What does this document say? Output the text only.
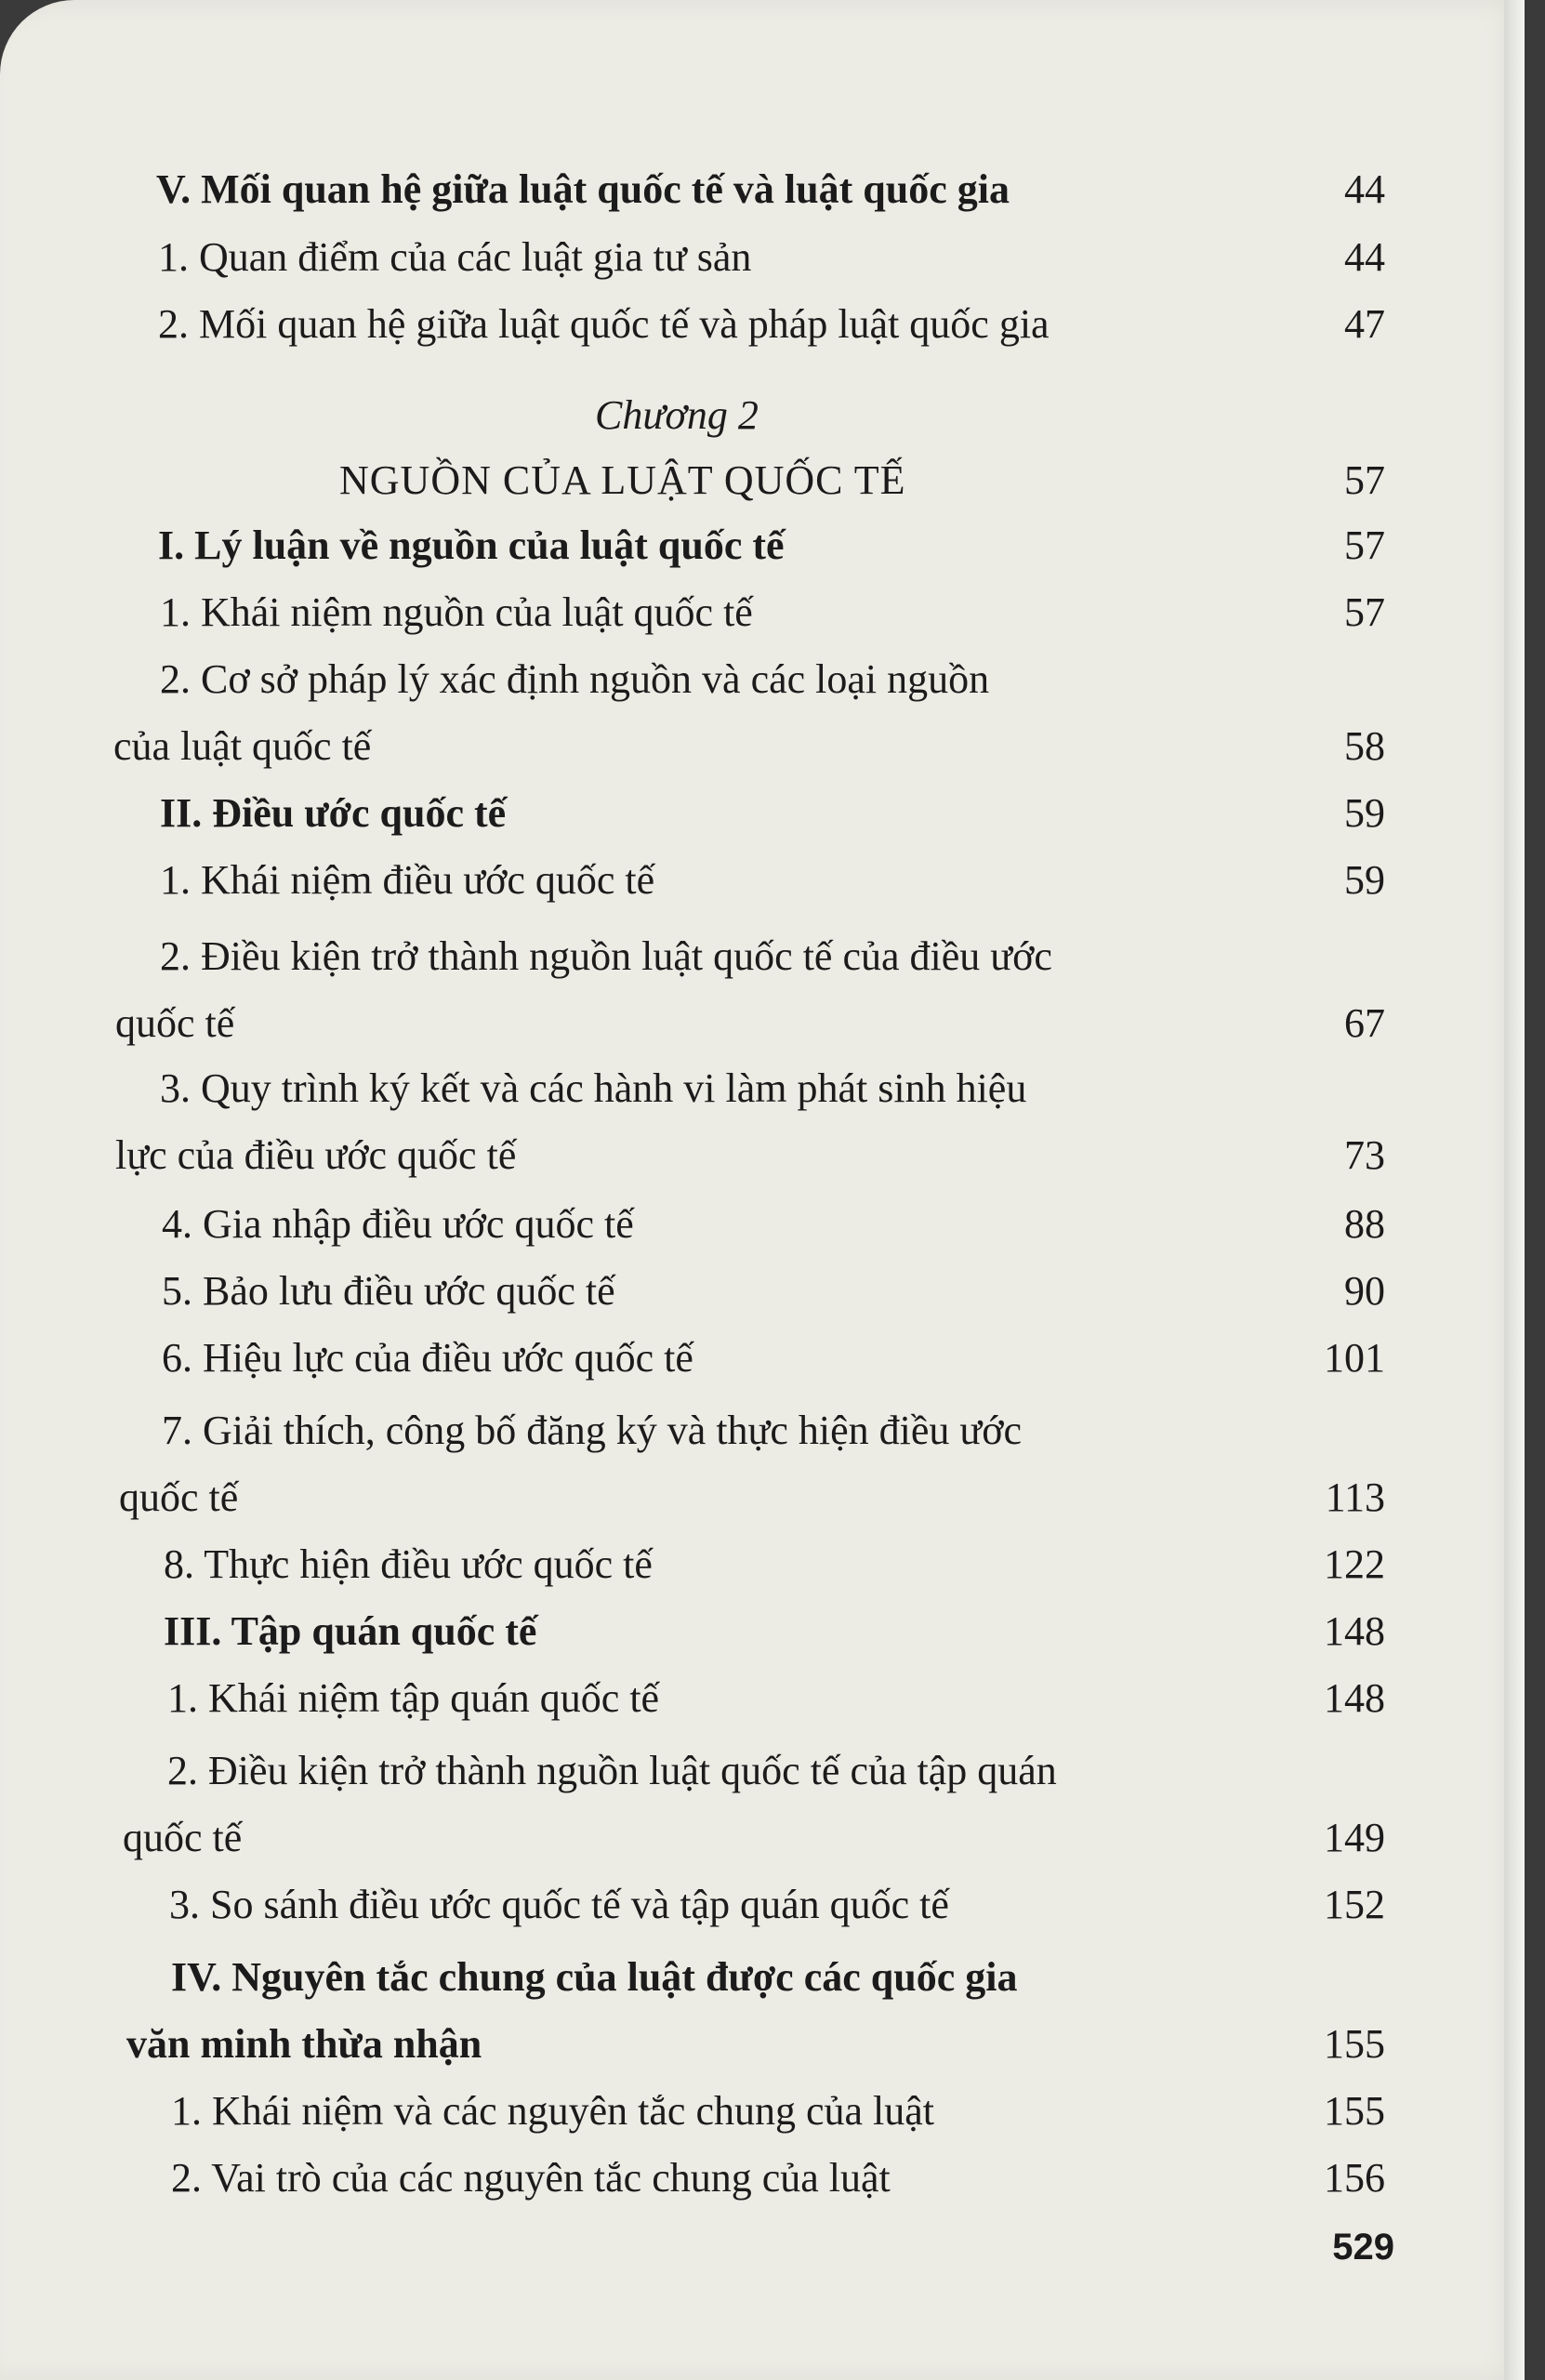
V. Mối quan hệ giữa luật quốc tế và luật quốc gia	44
1. Quan điểm của các luật gia tư sản	44
2. Mối quan hệ giữa luật quốc tế và pháp luật quốc gia	47
Chương 2
NGUỒN CỦA LUẬT QUỐC TẾ	57
I. Lý luận về nguồn của luật quốc tế	57
1. Khái niệm nguồn của luật quốc tế	57
2. Cơ sở pháp lý xác định nguồn và các loại nguồn
của luật quốc tế	58
II. Điều ước quốc tế	59
1. Khái niệm điều ước quốc tế	59
2. Điều kiện trở thành nguồn luật quốc tế của điều ước
quốc tế	67
3. Quy trình ký kết và các hành vi làm phát sinh hiệu
lực của điều ước quốc tế	73
4. Gia nhập điều ước quốc tế	88
5. Bảo lưu điều ước quốc tế	90
6. Hiệu lực của điều ước quốc tế	101
7. Giải thích, công bố đăng ký và thực hiện điều ước
quốc tế	113
8. Thực hiện điều ước quốc tế	122
III. Tập quán quốc tế	148
1. Khái niệm tập quán quốc tế	148
2. Điều kiện trở thành nguồn luật quốc tế của tập quán
quốc tế	149
3. So sánh điều ước quốc tế và tập quán quốc tế	152
IV. Nguyên tắc chung của luật được các quốc gia
văn minh thừa nhận	155
1. Khái niệm và các nguyên tắc chung của luật	155
2. Vai trò của các nguyên tắc chung của luật	156
529
